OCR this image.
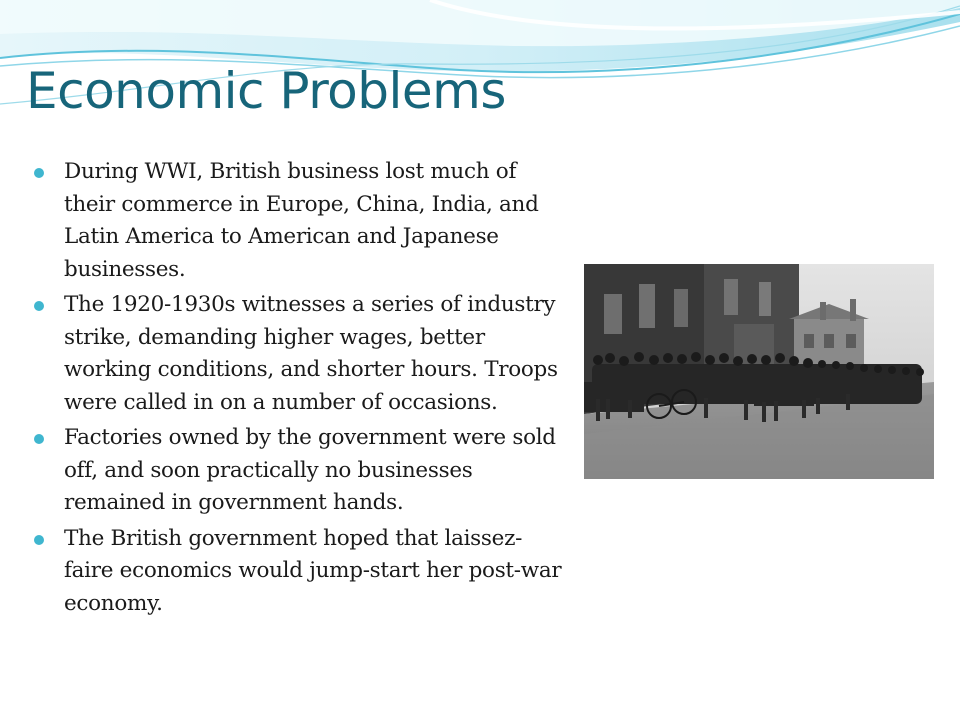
Economic Problems
During WWI, British business lost much of their commerce in Europe, China, India, and Latin America to American and Japanese businesses.
The 1920-1930s witnesses a series of industry strike, demanding higher wages, better working conditions, and shorter hours. Troops were called in on a number of occasions.
Factories owned by the government were sold off, and soon practically no businesses remained in government hands.
The British government hoped that laissez-faire economics would jump-start her post-war economy.
